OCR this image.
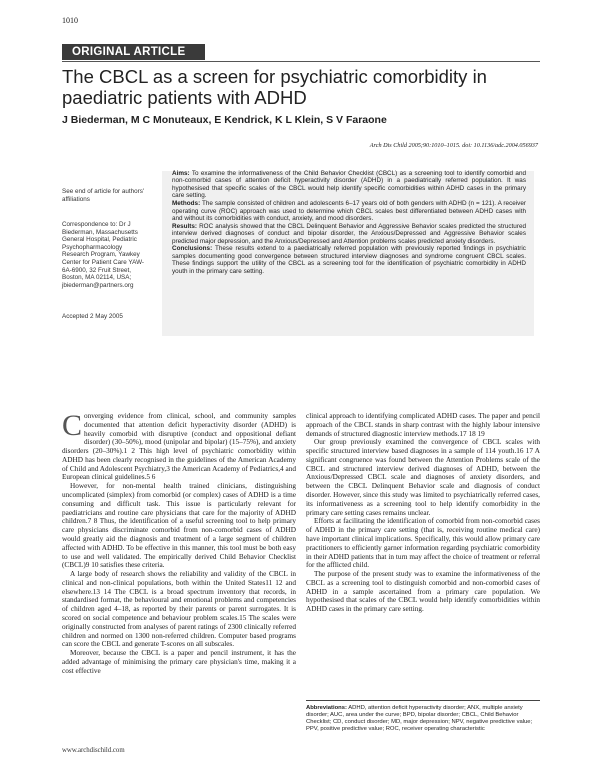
1010
ORIGINAL ARTICLE
The CBCL as a screen for psychiatric comorbidity in paediatric patients with ADHD
J Biederman, M C Monuteaux, E Kendrick, K L Klein, S V Faraone
Arch Dis Child 2005;90:1010–1015. doi: 10.1136/adc.2004.056937
See end of article for authors' affiliations
Correspondence to: Dr J Biederman, Massachusetts General Hospital, Pediatric Psychopharmacology Research Program, Yawkey Center for Patient Care YAW-6A-6900, 32 Fruit Street, Boston, MA 02114, USA; jbiederman@partners.org
Accepted 2 May 2005

Aims: To examine the informativeness of the Child Behavior Checklist (CBCL) as a screening tool to identify comorbid and non-comorbid cases of attention deficit hyperactivity disorder (ADHD) in a paediatrically referred population. It was hypothesised that specific scales of the CBCL would help identify specific comorbidities within ADHD cases in the primary care setting.

Methods: The sample consisted of children and adolescents 6–17 years old of both genders with ADHD (n = 121). A receiver operating curve (ROC) approach was used to determine which CBCL scales best differentiated between ADHD cases with and without its comorbidities with conduct, anxiety, and mood disorders.

Results: ROC analysis showed that the CBCL Delinquent Behavior and Aggressive Behavior scales predicted the structured interview derived diagnoses of conduct and bipolar disorder, the Anxious/Depressed and Aggressive Behavior scales predicted major depression, and the Anxious/Depressed and Attention problems scales predicted anxiety disorders.

Conclusions: These results extend to a paediatrically referred population with previously reported findings in psychiatric samples documenting good convergence between structured interview diagnoses and syndrome congruent CBCL scales. These findings support the utility of the CBCL as a screening tool for the identification of psychiatric comorbidity in ADHD youth in the primary care setting.

Converging evidence from clinical, school, and community samples documented that attention deficit hyperactivity disorder (ADHD) is heavily comorbid with disruptive (conduct and oppositional defiant disorder) (30–50%), mood (unipolar and bipolar) (15–75%), and anxiety disorders (20–30%).1 2 This high level of psychiatric comorbidity within ADHD has been clearly recognised in the guidelines of the American Academy of Child and Adolescent Psychiatry,3 the American Academy of Pediatrics,4 and European clinical guidelines.5 6

However, for non-mental health trained clinicians, distinguishing uncomplicated (simplex) from comorbid (or complex) cases of ADHD is a time consuming and difficult task. This issue is particularly relevant for paediatricians and routine care physicians that care for the majority of ADHD children.7 8 Thus, the identification of a useful screening tool to help primary care physicians discriminate comorbid from non-comorbid cases of ADHD would greatly aid the diagnosis and treatment of a large segment of children affected with ADHD. To be effective in this manner, this tool must be both easy to use and well validated. The empirically derived Child Behavior Checklist (CBCL)9 10 satisfies these criteria.

A large body of research shows the reliability and validity of the CBCL in clinical and non-clinical populations, both within the United States11 12 and elsewhere.13 14 The CBCL is a broad spectrum inventory that records, in standardised format, the behavioural and emotional problems and competencies of children aged 4–18, as reported by their parents or parent surrogates. It is scored on social competence and behaviour problem scales.15 The scales were originally constructed from analyses of parent ratings of 2300 clinically referred children and normed on 1300 non-referred children. Computer based programs can score the CBCL and generate T-scores on all subscales.

Moreover, because the CBCL is a paper and pencil instrument, it has the added advantage of minimising the primary care physician's time, making it a cost effective

clinical approach to identifying complicated ADHD cases. The paper and pencil approach of the CBCL stands in sharp contrast with the highly labour intensive demands of structured diagnostic interview methods.17 18 19

Our group previously examined the convergence of CBCL scales with specific structured interview based diagnoses in a sample of 114 youth.16 17 A significant congruence was found between the Attention Problems scale of the CBCL and structured interview derived diagnoses of ADHD, between the Anxious/Depressed CBCL scale and diagnoses of anxiety disorders, and between the CBCL Delinquent Behavior scale and diagnosis of conduct disorder. However, since this study was limited to psychiatrically referred cases, its informativeness as a screening tool to help identify comorbidity in the primary care setting cases remains unclear.

Efforts at facilitating the identification of comorbid from non-comorbid cases of ADHD in the primary care setting (that is, receiving routine medical care) have important clinical implications. Specifically, this would allow primary care practitioners to efficiently garner information regarding psychiatric comorbidity in their ADHD patients that in turn may affect the choice of treatment or referral for the afflicted child.

The purpose of the present study was to examine the informativeness of the CBCL as a screening tool to distinguish comorbid and non-comorbid cases of ADHD in a sample ascertained from a primary care population. We hypothesised that scales of the CBCL would help identify comorbidities within ADHD cases in the primary care setting.

Abbreviations: ADHD, attention deficit hyperactivity disorder; ANX, multiple anxiety disorder; AUC, area under the curve; BPD, bipolar disorder; CBCL, Child Behavior Checklist; CD, conduct disorder; MD, major depression; NPV, negative predictive value; PPV, positive predictive value; ROC, receiver operating characteristic
www.archdischild.com
